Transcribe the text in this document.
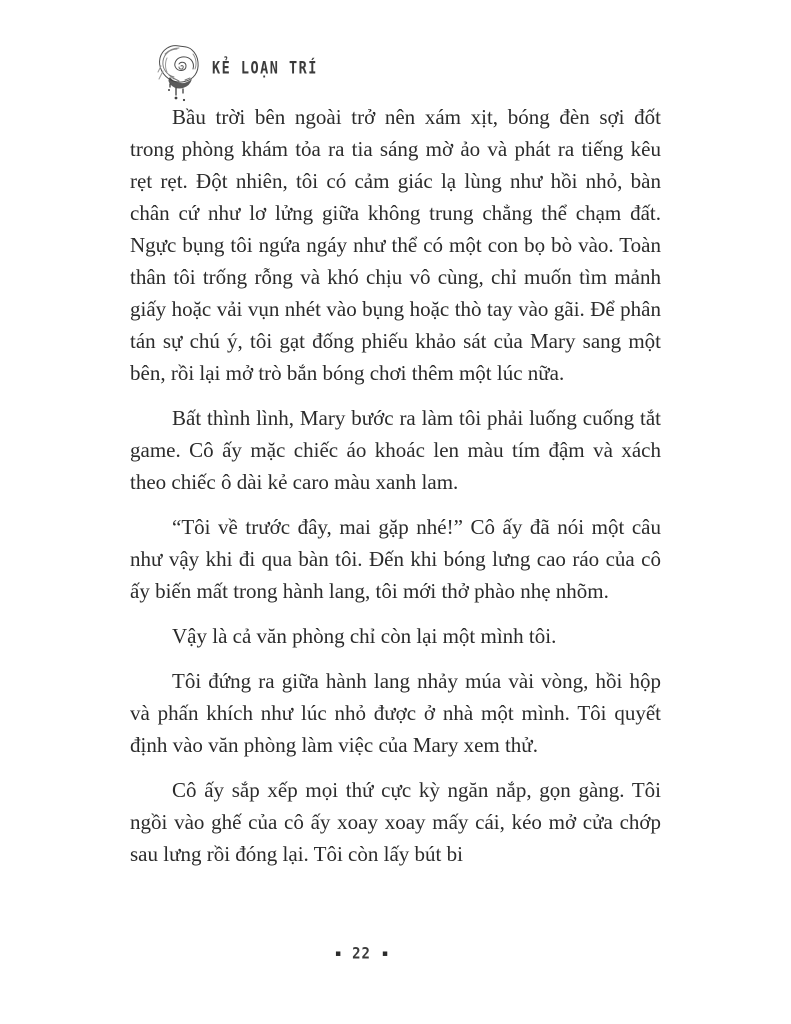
KẺ LOẠN TRÍ

Bầu trời bên ngoài trở nên xám xịt, bóng đèn sợi đốt trong phòng khám tỏa ra tia sáng mờ ảo và phát ra tiếng kêu rẹt rẹt. Đột nhiên, tôi có cảm giác lạ lùng như hồi nhỏ, bàn chân cứ như lơ lửng giữa không trung chẳng thể chạm đất. Ngực bụng tôi ngứa ngáy như thể có một con bọ bò vào. Toàn thân tôi trống rỗng và khó chịu vô cùng, chỉ muốn tìm mảnh giấy hoặc vải vụn nhét vào bụng hoặc thò tay vào gãi. Để phân tán sự chú ý, tôi gạt đống phiếu khảo sát của Mary sang một bên, rồi lại mở trò bắn bóng chơi thêm một lúc nữa.

Bất thình lình, Mary bước ra làm tôi phải luống cuống tắt game. Cô ấy mặc chiếc áo khoác len màu tím đậm và xách theo chiếc ô dài kẻ caro màu xanh lam.

“Tôi về trước đây, mai gặp nhé!” Cô ấy đã nói một câu như vậy khi đi qua bàn tôi. Đến khi bóng lưng cao ráo của cô ấy biến mất trong hành lang, tôi mới thở phào nhẹ nhõm.

Vậy là cả văn phòng chỉ còn lại một mình tôi.

Tôi đứng ra giữa hành lang nhảy múa vài vòng, hồi hộp và phấn khích như lúc nhỏ được ở nhà một mình. Tôi quyết định vào văn phòng làm việc của Mary xem thử.

Cô ấy sắp xếp mọi thứ cực kỳ ngăn nắp, gọn gàng. Tôi ngồi vào ghế của cô ấy xoay xoay mấy cái, kéo mở cửa chớp sau lưng rồi đóng lại. Tôi còn lấy bút bi

▪ 22 ▪
